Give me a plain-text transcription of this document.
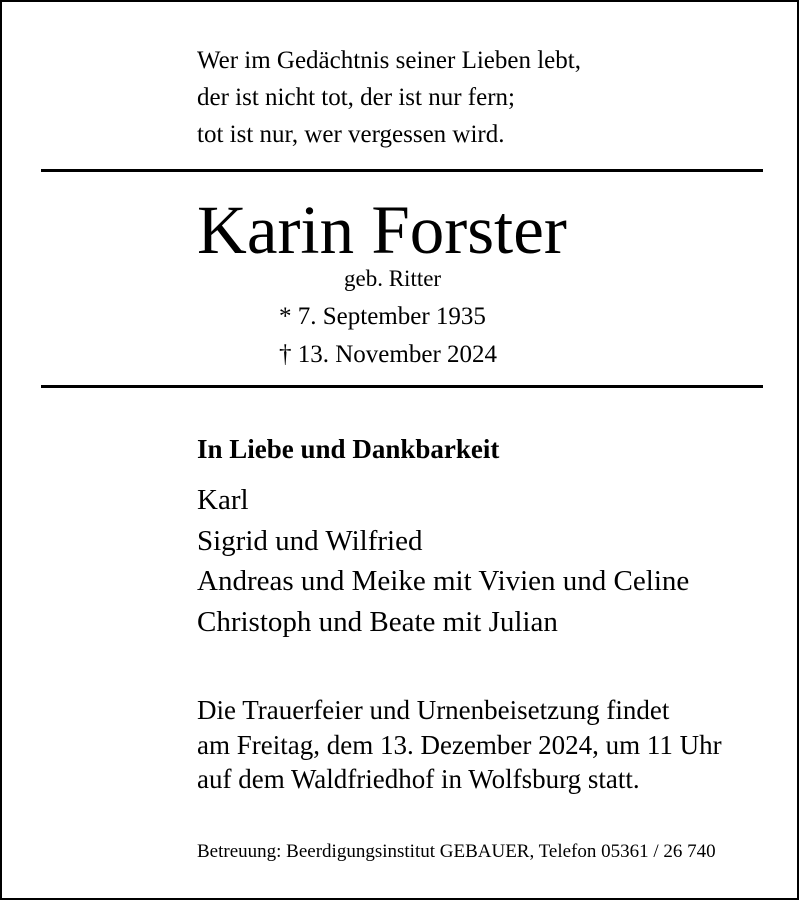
Wer im Gedächtnis seiner Lieben lebt,
der ist nicht tot, der ist nur fern;
tot ist nur, wer vergessen wird.
Karin Forster
geb. Ritter
* 7. September 1935
† 13. November 2024
In Liebe und Dankbarkeit
Karl
Sigrid und Wilfried
Andreas und Meike mit Vivien und Celine
Christoph und Beate mit Julian
Die Trauerfeier und Urnenbeisetzung findet
am Freitag, dem 13. Dezember 2024, um 11 Uhr
auf dem Waldfriedhof in Wolfsburg statt.
Betreuung: Beerdigungsinstitut GEBAUER, Telefon 05361 / 26 740
